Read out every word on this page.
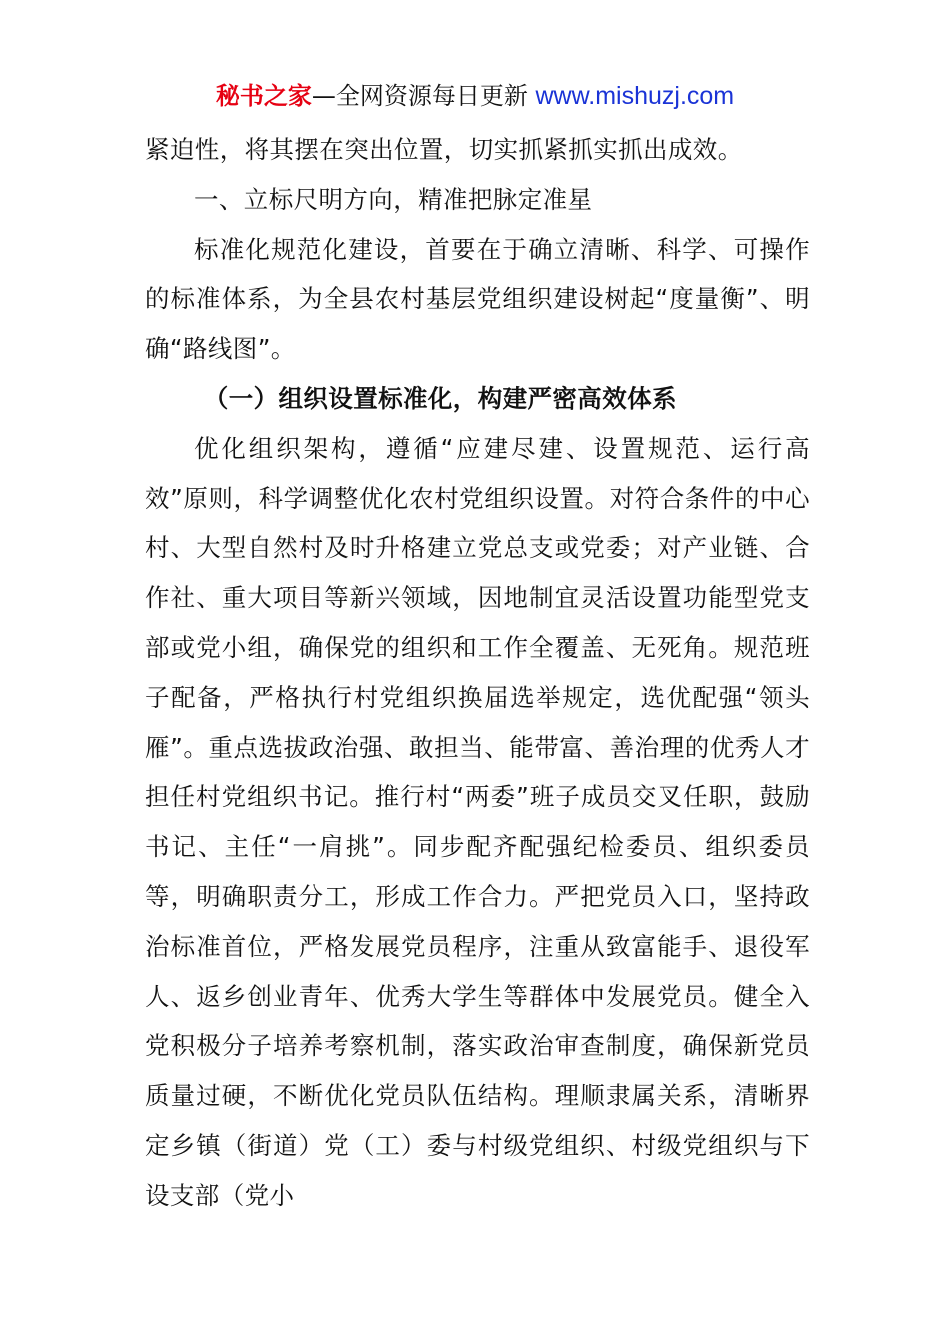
秘书之家—全网资源每日更新 www.mishuzj.com

紧迫性，将其摆在突出位置，切实抓紧抓实抓出成效。

一、立标尺明方向，精准把脉定准星

标准化规范化建设，首要在于确立清晰、科学、可操作的标准体系，为全县农村基层党组织建设树起“度量衡”、明确“路线图”。

（一）组织设置标准化，构建严密高效体系

优化组织架构，遵循“应建尽建、设置规范、运行高效”原则，科学调整优化农村党组织设置。对符合条件的中心村、大型自然村及时升格建立党总支或党委；对产业链、合作社、重大项目等新兴领域，因地制宜灵活设置功能型党支部或党小组，确保党的组织和工作全覆盖、无死角。规范班子配备，严格执行村党组织换届选举规定，选优配强“领头雁”。重点选拔政治强、敢担当、能带富、善治理的优秀人才担任村党组织书记。推行村“两委”班子成员交叉任职，鼓励书记、主任“一肩挑”。同步配齐配强纪检委员、组织委员等，明确职责分工，形成工作合力。严把党员入口，坚持政治标准首位，严格发展党员程序，注重从致富能手、退役军人、返乡创业青年、优秀大学生等群体中发展党员。健全入党积极分子培养考察机制，落实政治审查制度，确保新党员质量过硬，不断优化党员队伍结构。理顺隶属关系，清晰界定乡镇（街道）党（工）委与村级党组织、村级党组织与下设支部（党小
